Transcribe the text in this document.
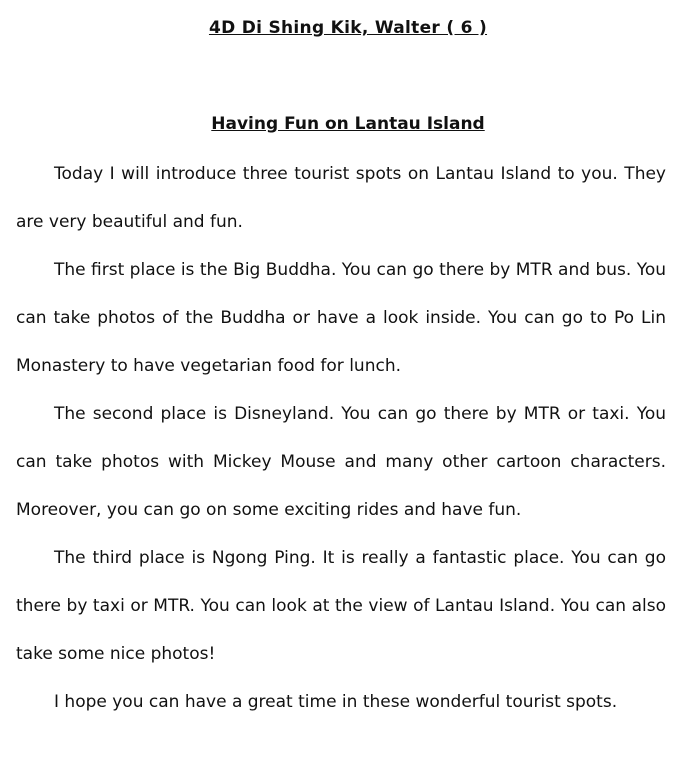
4D Di Shing Kik, Walter ( 6 )
Having Fun on Lantau Island

Today I will introduce three tourist spots on Lantau Island to you. They are very beautiful and fun.

The first place is the Big Buddha. You can go there by MTR and bus. You can take photos of the Buddha or have a look inside. You can go to Po Lin Monastery to have vegetarian food for lunch.

The second place is Disneyland. You can go there by MTR or taxi. You can take photos with Mickey Mouse and many other cartoon characters. Moreover, you can go on some exciting rides and have fun.

The third place is Ngong Ping. It is really a fantastic place. You can go there by taxi or MTR. You can look at the view of Lantau Island. You can also take some nice photos!

I hope you can have a great time in these wonderful tourist spots.
